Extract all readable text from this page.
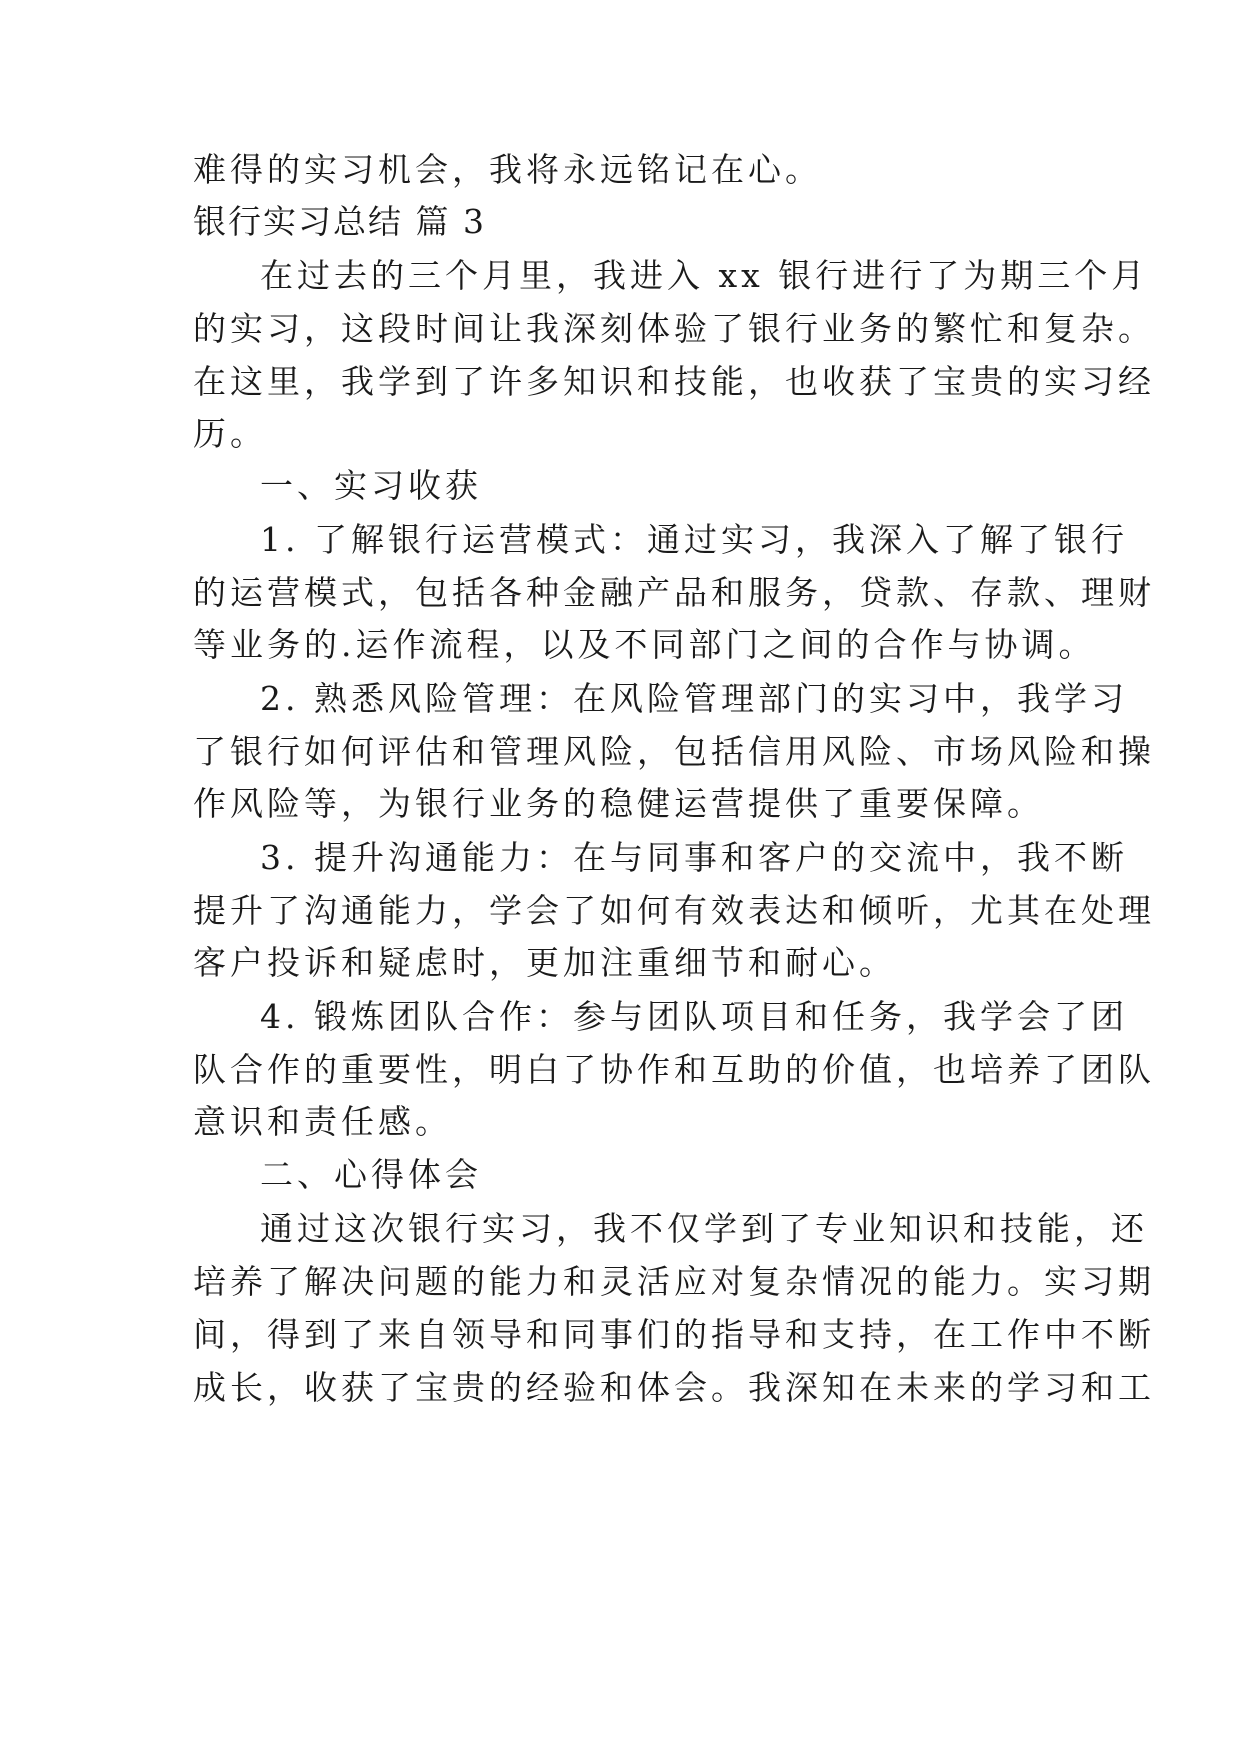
难得的实习机会，我将永远铭记在心。
银行实习总结 篇 3
在过去的三个月里，我进入 xx 银行进行了为期三个月
的实习，这段时间让我深刻体验了银行业务的繁忙和复杂。
在这里，我学到了许多知识和技能，也收获了宝贵的实习经
历。
一、实习收获
1. 了解银行运营模式：通过实习，我深入了解了银行
的运营模式，包括各种金融产品和服务，贷款、存款、理财
等业务的.运作流程，以及不同部门之间的合作与协调。
2. 熟悉风险管理：在风险管理部门的实习中，我学习
了银行如何评估和管理风险，包括信用风险、市场风险和操
作风险等，为银行业务的稳健运营提供了重要保障。
3. 提升沟通能力：在与同事和客户的交流中，我不断
提升了沟通能力，学会了如何有效表达和倾听，尤其在处理
客户投诉和疑虑时，更加注重细节和耐心。
4. 锻炼团队合作：参与团队项目和任务，我学会了团
队合作的重要性，明白了协作和互助的价值，也培养了团队
意识和责任感。
二、心得体会
通过这次银行实习，我不仅学到了专业知识和技能，还
培养了解决问题的能力和灵活应对复杂情况的能力。实习期
间，得到了来自领导和同事们的指导和支持，在工作中不断
成长，收获了宝贵的经验和体会。我深知在未来的学习和工
